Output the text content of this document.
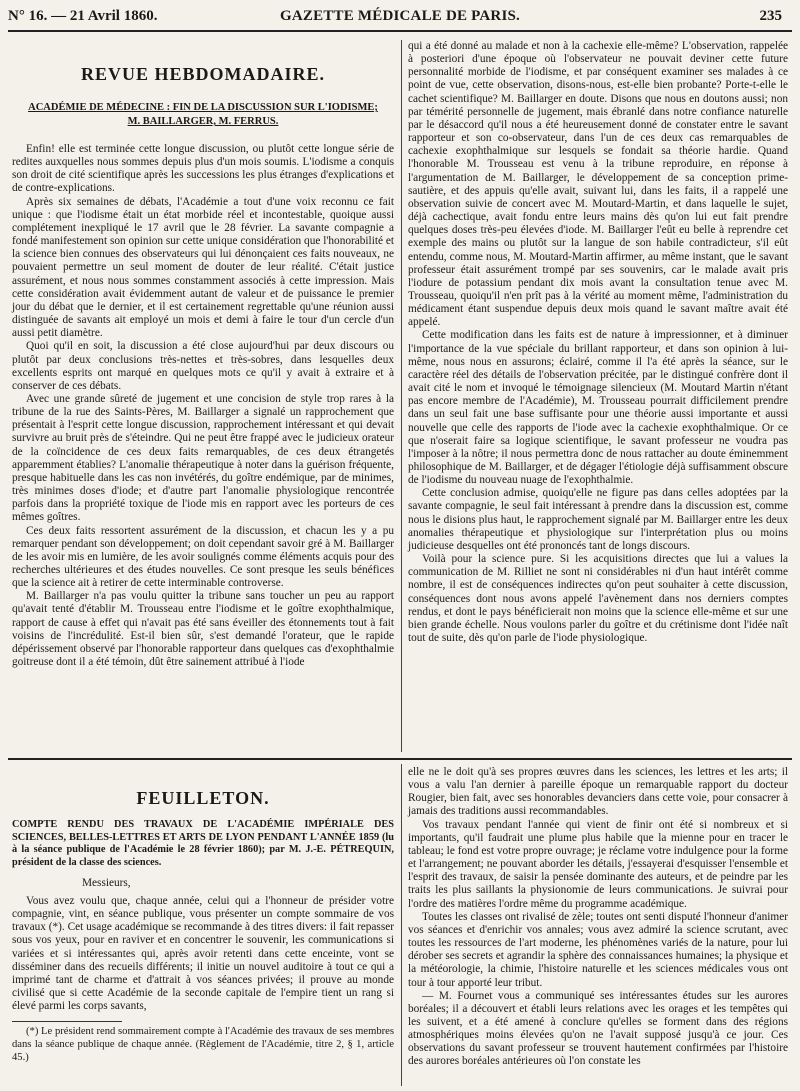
N° 16. — 21 Avril 1860.	GAZETTE MÉDICALE DE PARIS.	235
REVUE HEBDOMADAIRE.
ACADÉMIE DE MÉDECINE : FIN DE LA DISCUSSION SUR L'IODISME;
M. BAILLARGER, M. FERRUS.

Enfin! elle est terminée cette longue discussion, ou plutôt cette longue série de redites auxquelles nous sommes depuis plus d'un mois soumis. L'iodisme a conquis son droit de cité scientifique après les successions les plus étranges d'explications et de contre-explications.

Après six semaines de débats, l'Académie a tout d'une voix reconnu ce fait unique : que l'iodisme était un état morbide réel et incontestable, quoique aussi complétement inexpliqué le 17 avril que le 28 février. La savante compagnie a fondé manifestement son opinion sur cette unique considération que l'honorabilité et la science bien connues des observateurs qui lui dénonçaient ces faits nouveaux, ne pouvaient permettre un seul moment de douter de leur réalité. C'était justice assurément, et nous nous sommes constamment associés à cette impression. Mais cette considération avait évidemment autant de valeur et de puissance le premier jour du débat que le dernier, et il est certainement regrettable qu'une réunion aussi distinguée de savants ait employé un mois et demi à faire le tour d'un cercle d'un aussi petit diamètre.

Quoi qu'il en soit, la discussion a été close aujourd'hui par deux discours ou plutôt par deux conclusions très-nettes et très-sobres, dans lesquelles deux excellents esprits ont marqué en quelques mots ce qu'il y avait à extraire et à conserver de ces débats.

Avec une grande sûreté de jugement et une concision de style trop rares à la tribune de la rue des Saints-Pères, M. Baillarger a signalé un rapprochement que présentait à l'esprit cette longue discussion, rapprochement intéressant et qui devait survivre au bruit près de s'éteindre. Qui ne peut être frappé avec le judicieux orateur de la coïncidence de ces deux faits remarquables, de ces deux étrangetés apparemment établies? L'anomalie thérapeutique à noter dans la guérison fréquente, presque habituelle dans les cas non invétérés, du goître endémique, par de minimes, très minimes doses d'iode; et d'autre part l'anomalie physiologique rencontrée parfois dans la propriété toxique de l'iode mis en rapport avec les porteurs de ces mêmes goîtres.

Ces deux faits ressortent assurément de la discussion, et chacun les y a pu remarquer pendant son développement; on doit cependant savoir gré à M. Baillarger de les avoir mis en lumière, de les avoir soulignés comme éléments acquis pour des recherches ultérieures et des études nouvelles. Ce sont presque les seuls bénéfices que la science ait à retirer de cette interminable controverse.

M. Baillarger n'a pas voulu quitter la tribune sans toucher un peu au rapport qu'avait tenté d'établir M. Trousseau entre l'iodisme et le goître exophthalmique, rapport de cause à effet qui n'avait pas été sans éveiller des étonnements tout à fait voisins de l'incrédulité. Est-il bien sûr, s'est demandé l'orateur, que le rapide dépérissement observé par l'honorable rapporteur dans quelques cas d'exophthalmie goitreuse dont il a été témoin, dût être sainement attribué à l'iode

qui a été donné au malade et non à la cachexie elle-même? L'observation, rappelée à posteriori d'une époque où l'observateur ne pouvait deviner cette future personnalité morbide de l'iodisme, et par conséquent examiner ses malades à ce point de vue, cette observation, disons-nous, est-elle bien probante? Porte-t-elle le cachet scientifique? M. Baillarger en doute. Disons que nous en doutons aussi; non par témérité personnelle de jugement, mais ébranlé dans notre confiance naturelle par le désaccord qu'il nous a été heureusement donné de constater entre le savant rapporteur et son co-observateur, dans l'un de ces deux cas remarquables de cachexie exophthalmique sur lesquels se fondait sa théorie hardie. Quand l'honorable M. Trousseau est venu à la tribune reproduire, en réponse à l'argumentation de M. Baillarger, le développement de sa conception prime-sautière, et des appuis qu'elle avait, suivant lui, dans les faits, il a rappelé une observation suivie de concert avec M. Moutard-Martin, et dans laquelle le sujet, déjà cachectique, avait fondu entre leurs mains dès qu'on lui eut fait prendre quelques doses très-peu élevées d'iode. M. Baillarger l'eût eu belle à reprendre cet exemple des mains ou plutôt sur la langue de son habile contradicteur, s'il eût entendu, comme nous, M. Moutard-Martin affirmer, au même instant, que le savant professeur était assurément trompé par ses souvenirs, car le malade avait pris l'iodure de potassium pendant dix mois avant la consultation tenue avec M. Trousseau, quoiqu'il n'en prît pas à la vérité au moment même, l'administration du médicament étant suspendue depuis deux mois quand le savant maître avait été appelé.

Cette modification dans les faits est de nature à impressionner, et à diminuer l'importance de la vue spéciale du brillant rapporteur, et dans son opinion à lui-même, nous nous en assurons; éclairé, comme il l'a été après la séance, sur le caractère réel des détails de l'observation précitée, par le distingué confrère dont il avait cité le nom et invoqué le témoignage silencieux (M. Moutard Martin n'étant pas encore membre de l'Académie), M. Trousseau pourrait difficilement prendre dans un seul fait une base suffisante pour une théorie aussi importante et aussi nouvelle que celle des rapports de l'iode avec la cachexie exophthalmique. Or ce que n'oserait faire sa logique scientifique, le savant professeur ne voudra pas l'imposer à la nôtre; il nous permettra donc de nous rattacher au doute éminemment philosophique de M. Baillarger, et de dégager l'étiologie déjà suffisamment obscure de l'iodisme du nouveau nuage de l'exophthalmie.

Cette conclusion admise, quoiqu'elle ne figure pas dans celles adoptées par la savante compagnie, le seul fait intéressant à prendre dans la discussion est, comme nous le disions plus haut, le rapprochement signalé par M. Baillarger entre les deux anomalies thérapeutique et physiologique sur l'interprétation plus ou moins judicieuse desquelles ont été prononcés tant de longs discours.

Voilà pour la science pure. Si les acquisitions directes que lui a values la communication de M. Rilliet ne sont ni considérables ni d'un haut intérêt comme nombre, il est de conséquences indirectes qu'on peut souhaiter à cette discussion, conséquences dont nous avons appelé l'avènement dans nos derniers comptes rendus, et dont le pays bénéficierait non moins que la science elle-même et sur une bien grande échelle. Nous voulons parler du goître et du crétinisme dont l'idée naît tout de suite, dès qu'on parle de l'iode physiologique.

FEUILLETON.
COMPTE RENDU DES TRAVAUX DE L'ACADÉMIE IMPÉRIALE DES SCIENCES, BELLES-LETTRES ET ARTS DE LYON PENDANT L'ANNÉE 1859 (lu à la séance publique de l'Académie le 28 février 1860); par M. J.-E. PÉTREQUIN, président de la classe des sciences.
Messieurs,

Vous avez voulu que, chaque année, celui qui a l'honneur de présider votre compagnie, vint, en séance publique, vous présenter un compte sommaire de vos travaux (*). Cet usage académique se recommande à des titres divers: il fait repasser sous vos yeux, pour en raviver et en concentrer le souvenir, les communications si variées et si intéressantes qui, après avoir retenti dans cette enceinte, vont se disséminer dans des recueils différents; il initie un nouvel auditoire à tout ce qui a imprimé tant de charme et d'attrait à vos séances privées; il prouve au monde civilisé que si cette Académie de la seconde capitale de l'empire tient un rang si élevé parmi les corps savants,

(*) Le président rend sommairement compte à l'Académie des travaux de ses membres dans la séance publique de chaque année. (Règlement de l'Académie, titre 2, § 1, article 45.)

elle ne le doit qu'à ses propres œuvres dans les sciences, les lettres et les arts; il vous a valu l'an dernier à pareille époque un remarquable rapport du docteur Rougier, bien fait, avec ses honorables devanciers dans cette voie, pour consacrer à jamais des traditions aussi recommandables.

Vos travaux pendant l'année qui vient de finir ont été si nombreux et si importants, qu'il faudrait une plume plus habile que la mienne pour en tracer le tableau; le fond est votre propre ouvrage; je réclame votre indulgence pour la forme et l'arrangement; ne pouvant aborder les détails, j'essayerai d'esquisser l'ensemble et l'esprit des travaux, de saisir la pensée dominante des auteurs, et de peindre par les traits les plus saillants la physionomie de leurs communications. Je suivrai pour l'ordre des matières l'ordre même du programme académique.

Toutes les classes ont rivalisé de zèle; toutes ont senti disputé l'honneur d'animer vos séances et d'enrichir vos annales; vous avez admiré la science scrutant, avec toutes les ressources de l'art moderne, les phénomènes variés de la nature, pour lui dérober ses secrets et agrandir la sphère des connaissances humaines; la physique et la météorologie, la chimie, l'histoire naturelle et les sciences médicales vous ont tour à tour apporté leur tribut.

— M. Fournet vous a communiqué ses intéressantes études sur les aurores boréales; il a découvert et établi leurs relations avec les orages et les tempêtes qui les suivent, et a été amené à conclure qu'elles se forment dans des régions atmosphériques moins élevées qu'on ne l'avait supposé jusqu'à ce jour. Ces observations du savant professeur se trouvent hautement confirmées par l'histoire des aurores boréales antérieures où l'on constate les
